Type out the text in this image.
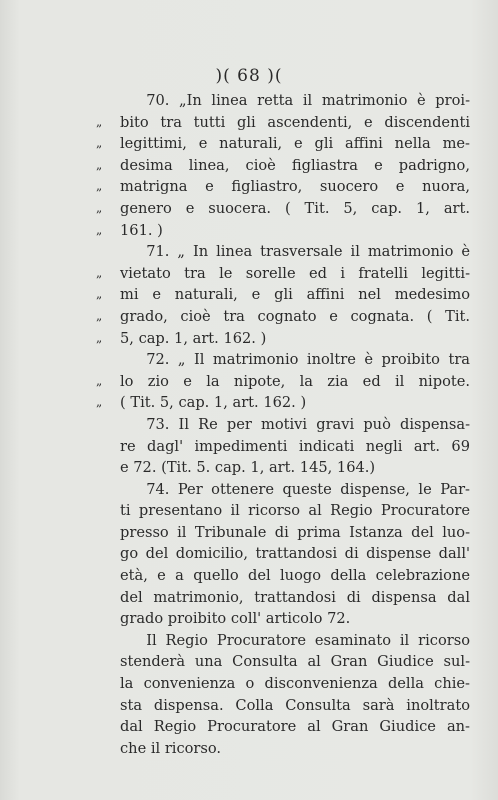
)( 68 )(
70. „In linea retta il matrimonio è proi-
„	bito tra tutti gli ascendenti, e discendenti
„	legittimi, e naturali, e gli affini nella me-
„	desima linea, cioè figliastra e padrigno,
„	matrigna e figliastro, suocero e nuora,
„	genero e suocera. ( Tit. 5, cap. 1, art.
„	161. )
71. „ In linea trasversale il matrimonio è
„	vietato tra le sorelle ed i fratelli legitti-
„	mi e naturali, e gli affini nel medesimo
„	grado, cioè tra cognato e cognata. ( Tit.
„	5, cap. 1, art. 162. )
72. „ Il matrimonio inoltre è proibito tra
„	lo zio e la nipote, la zia ed il nipote.
„	( Tit. 5, cap. 1, art. 162. )
73. Il Re per motivi gravi può dispensa-
re dagl' impedimenti indicati negli art. 69
e 72. (Tit. 5. cap. 1, art. 145, 164.)
74. Per ottenere queste dispense, le Par-
ti presentano il ricorso al Regio Procuratore
presso il Tribunale di prima Istanza del luo-
go del domicilio, trattandosi di dispense dall'
età, e a quello del luogo della celebrazione
del matrimonio, trattandosi di dispensa dal
grado proibito coll' articolo 72.
Il Regio Procuratore esaminato il ricorso
stenderà una Consulta al Gran Giudice sul-
la convenienza o disconvenienza della chie-
sta dispensa. Colla Consulta sarà inoltrato
dal Regio Procuratore al Gran Giudice an-
che il ricorso.
